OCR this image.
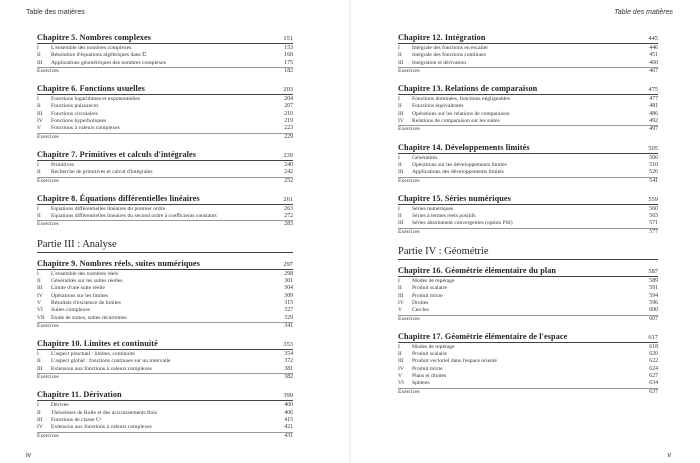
Table des matières
Chapitre 5. Nombres complexes	151
I	L'ensemble des nombres complexes	153
II	Résolution d'équations algébriques dans ℂ	168
III	Applications géométriques des nombres complexes	175
Exercices	182
Chapitre 6. Fonctions usuelles	203
I	Fonctions logarithmes et exponentielles	204
II	Fonctions puissances	207
III	Fonctions circulaires	210
IV	Fonctions hyperboliques	219
V	Fonctions à valeurs complexes	223
Exercices	229
Chapitre 7. Primitives et calculs d'intégrales	239
I	Primitives	240
II	Recherche de primitives et calcul d'intégrales	242
Exercices	252
Chapitre 8. Équations différentielles linéaires	261
I	Équations différentielles linéaires du premier ordre	263
II	Équations différentielles linéaires du second ordre à coefficients constants	272
Exercices	283
Partie III : Analyse
Chapitre 9. Nombres réels, suites numériques	297
I	L'ensemble des nombres réels	298
II	Généralités sur les suites réelles	301
III	Limite d'une suite réelle	304
IV	Opérations sur les limites	309
V	Résultats d'existence de limites	315
VI	Suites complexes	327
VII	Étude de suites, suites récurrentes	329
Exercices	341
Chapitre 10. Limites et continuité	353
I	L'aspect ponctuel : limites, continuité	354
II	L'aspect global : fonctions continues sur un intervalle	372
III	Extension aux fonctions à valeurs complexes	381
Exercices	382
Chapitre 11. Dérivation	399
I	Dérivée	400
II	Théorèmes de Rolle et des accroissements finis	406
III	Fonctions de classe Cᵏ	415
IV	Extension aux fonctions à valeurs complexes	421
Exercices	431
iv
Table des matières
Chapitre 12. Intégration	445
I	Intégrale des fonctions en escalier	446
II	Intégrale des fonctions continues	451
III	Intégration et dérivation	460
Exercices	467
Chapitre 13. Relations de comparaison	475
I	Fonctions dominées, fonctions négligeables	477
II	Fonctions équivalentes	481
III	Opérations sur les relations de comparaison	486
IV	Relations de comparaison sur les suites	492
Exercices	497
Chapitre 14. Développements limités	505
I	Généralités	506
II	Opérations sur les développements limités	510
III	Applications des développements limités	526
Exercices	541
Chapitre 15. Séries numériques	559
I	Séries numériques	560
II	Séries à termes réels positifs	565
III	Séries absolument convergentes (option PSI)	571
Exercices	577
Partie IV : Géométrie
Chapitre 16. Géométrie élémentaire du plan	587
I	Modes de repérage	589
II	Produit scalaire	591
III	Produit mixte	594
IV	Droites	596
V	Cercles	600
Exercices	607
Chapitre 17. Géométrie élémentaire de l'espace	617
I	Modes de repérage	618
II	Produit scalaire	620
III	Produit vectoriel dans l'espace orienté	622
IV	Produit mixte	624
V	Plans et droites	627
VI	Sphères	634
Exercices	637
v
